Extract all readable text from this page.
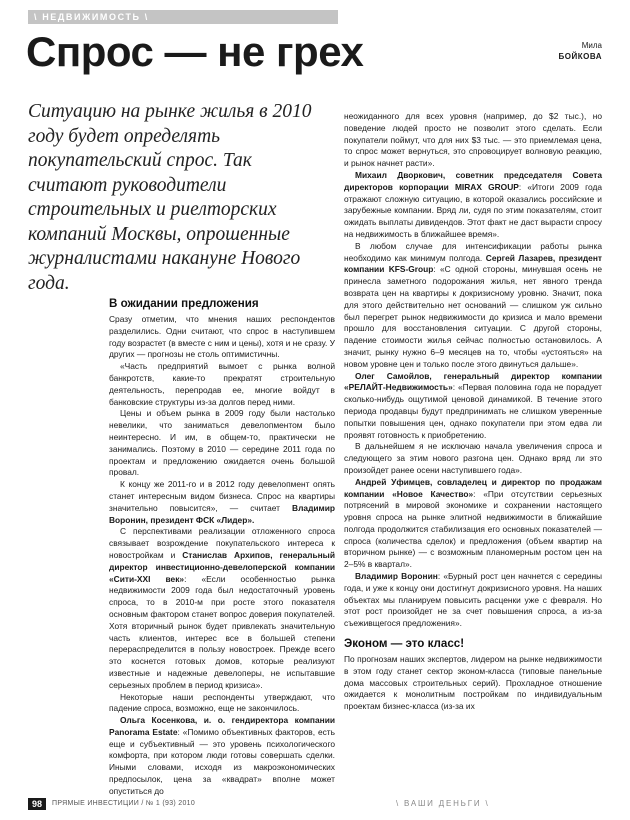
\ НЕДВИЖИМОСТЬ \
Спрос — не грех	Мила
БОЙКОВА
Ситуацию на рынке жилья в 2010 году будет определять покупательский спрос. Так считают руководители строительных и риелторских компаний Москвы, опрошенные журналистами накануне Нового года.
В ожидании предложения

Сразу отметим, что мнения наших респондентов разделились. Одни считают, что спрос в наступившем году возрастет (в вместе с ним и цены), хотя и не сразу. У других — прогнозы не столь оптимистичны.

«Часть предприятий вымоет с рынка волной банкротств, какие-то прекратят строительную деятельность, перепродав ее, многие войдут в банковские структуры из-за долгов перед ними.

Цены и объем рынка в 2009 году были настолько невелики, что заниматься девелопментом было неинтересно. И им, в общем-то, практически не занимались. Поэтому в 2010 — середине 2011 года по проектам и предложению ожидается очень большой провал.

К концу же 2011-го и в 2012 году девелопмент опять станет интересным видом бизнеса. Спрос на квартиры значительно повысится», — считает Владимир Воронин, президент ФСК «Лидер».

С перспективами реализации отложенного спроса связывает возрождение покупательского интереса к новостройкам и Станислав Архипов, генеральный директор инвестиционно-девелоперской компании «Сити-XXI век»: «Если особенностью рынка недвижимости 2009 года был недостаточный уровень спроса, то в 2010-м при росте этого показателя основным фактором станет вопрос доверия покупателей. Хотя вторичный рынок будет привлекать значительную часть клиентов, интерес все в большей степени перераспределится в пользу новостроек. Прежде всего это коснется готовых домов, которые реализуют известные и надежные девелоперы, не испытавшие серьезных проблем в период кризиса».

Некоторые наши респонденты утверждают, что падение спроса, возможно, еще не закончилось.

Ольга Косенкова, и. о. гендиректора компании Panorama Estate: «Помимо объективных факторов, есть еще и субъективный — это уровень психологического комфорта, при котором люди готовы совершать сделки. Иными словами, исходя из макроэкономических предпосылок, цена за «квадрат» вполне может опуститься до

неожиданного для всех уровня (например, до $2 тыс.), но поведение людей просто не позволит этого сделать. Если покупатели поймут, что для них $3 тыс. — это приемлемая цена, то спрос может вернуться, это спровоцирует волновую реакцию, и рынок начнет расти».

Михаил Дворкович, советник председателя Совета директоров корпорации MIRAX GROUP: «Итоги 2009 года отражают сложную ситуацию, в которой оказались российские и зарубежные компании. Вряд ли, судя по этим показателям, стоит ожидать выплаты дивидендов. Этот факт не даст вырасти спросу на недвижимость в ближайшее время».

В любом случае для интенсификации работы рынка необходимо как минимум полгода. Сергей Лазарев, президент компании KFS-Group: «С одной стороны, минувшая осень не принесла заметного подорожания жилья, нет явного тренда возврата цен на квартиры к докризисному уровню. Значит, пока для этого действительно нет оснований — слишком уж сильно был перегрет рынок недвижимости до кризиса и мало времени прошло для восстановления ситуации. С другой стороны, падение стоимости жилья сейчас полностью остановилось. А значит, рынку нужно 6–9 месяцев на то, чтобы «устояться» на новом уровне цен и только после этого двинуться дальше».

Олег Самойлов, генеральный директор компании «РЕЛАЙТ-Недвижимость»: «Первая половина года не порадует сколько-нибудь ощутимой ценовой динамикой. В течение этого периода продавцы будут предпринимать не слишком уверенные попытки повышения цен, однако покупатели при этом едва ли проявят готовность к приобретению.

В дальнейшем я не исключаю начала увеличения спроса и следующего за этим нового разгона цен. Однако вряд ли это произойдет ранее осени наступившего года».

Андрей Уфимцев, совладелец и директор по продажам компании «Новое Качество»: «При отсутствии серьезных потрясений в мировой экономике и сохранении настоящего уровня спроса на рынке элитной недвижимости в ближайшие полгода продолжится стабилизация его основных показателей — спроса (количества сделок) и предложения (объем квартир на вторичном рынке) — с возможным планомерным ростом цен на 2–5% в квартал».

Владимир Воронин: «Бурный рост цен начнется с середины года, и уже к концу они достигнут докризисного уровня. На наших объектах мы планируем повысить расценки уже с февраля. Но этот рост произойдет не за счет повышения спроса, а из-за съеживщегося предложения».

Эконом — это класс!

По прогнозам наших экспертов, лидером на рынке недвижимости в этом году станет сектор эконом-класса (типовые панельные дома массовых строительных серий). Прохладное отношение ожидается к монолитным постройкам по индивидуальным проектам бизнес-класса (из-за их

98	ПРЯМЫЕ ИНВЕСТИЦИИ / № 1 (93) 2010	\ ВАШИ ДЕНЬГИ \
